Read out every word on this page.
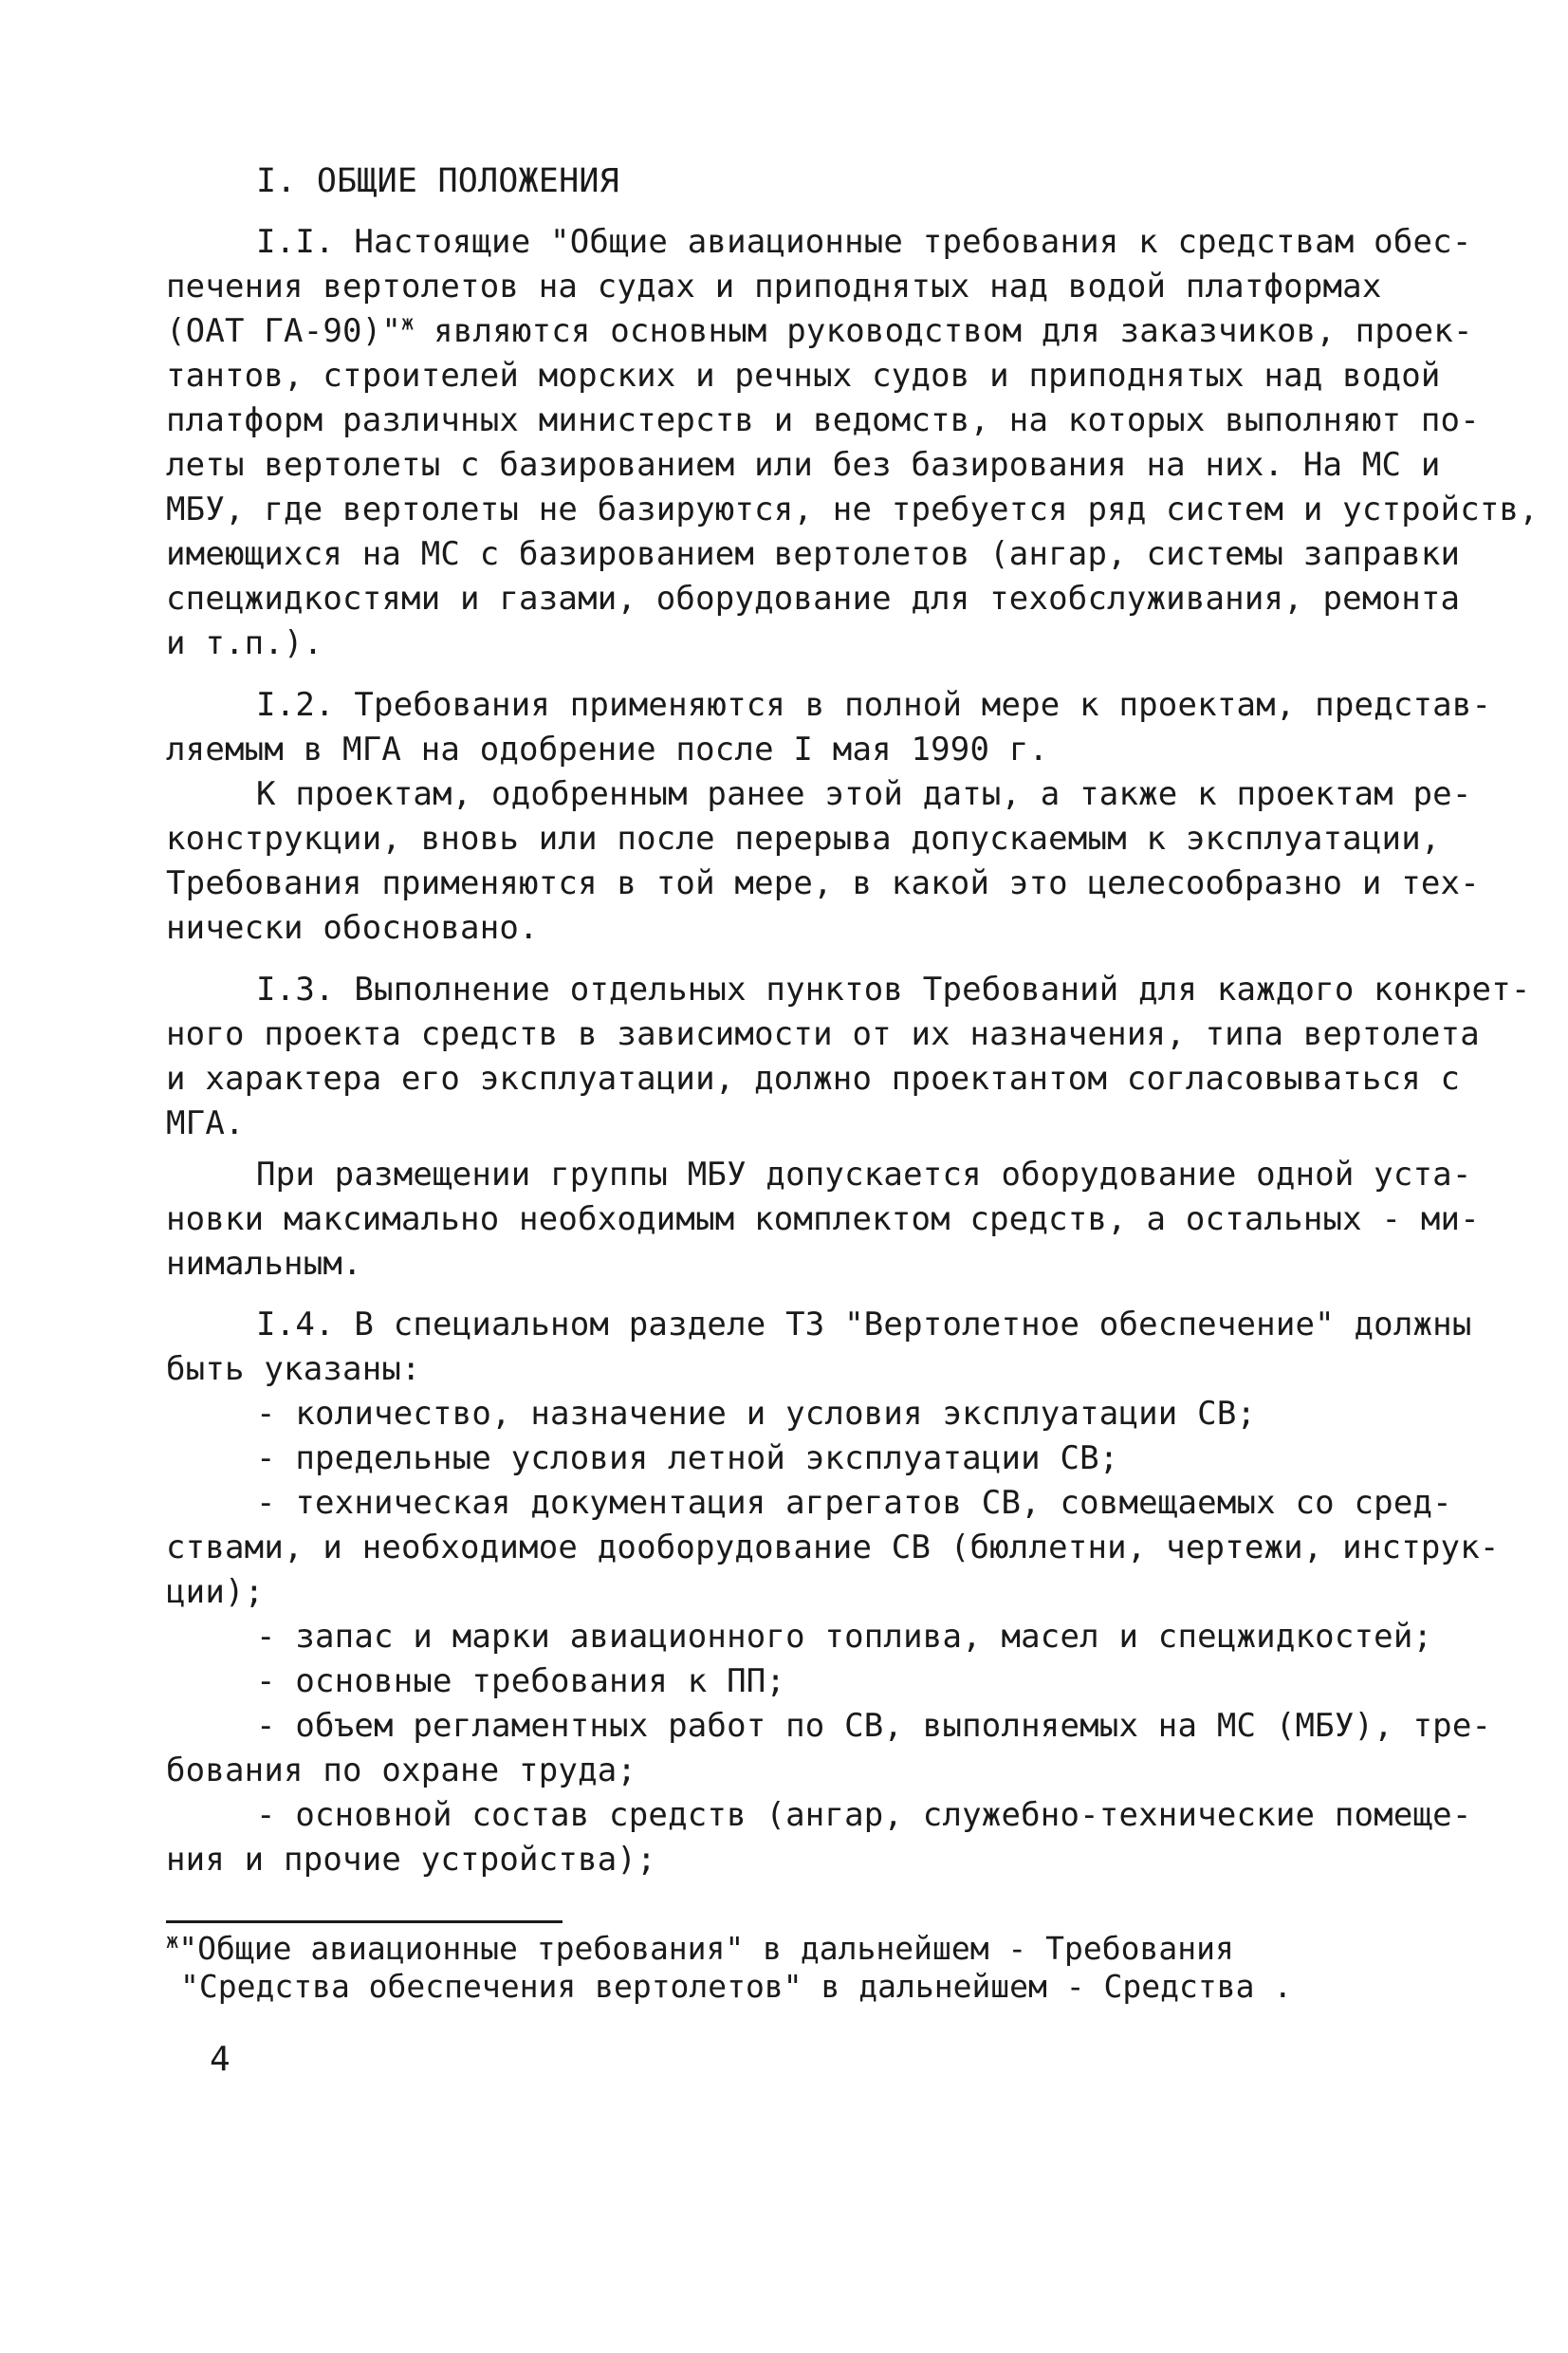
I. ОБЩИЕ ПОЛОЖЕНИЯ
I.I. Настоящие "Общие авиационные требования к средствам обес-
печения вертолетов на судах и приподнятых над водой платформах
(ОАТ ГА-90)"$^ж$ являются основным руководством для заказчиков, проек-
тантов, строителей морских и речных судов и приподнятых над водой
платформ различных министерств и ведомств, на которых выполняют по-
леты вертолеты с базированием или без базирования на них. На МС и
МБУ, где вертолеты не базируются, не требуется ряд систем и устройств,
имеющихся на МС с базированием вертолетов (ангар, системы заправки
спецжидкостями и газами, оборудование для техобслуживания, ремонта
и т.п.).
I.2. Требования применяются в полной мере к проектам, представ-
ляемым в МГА на одобрение после I мая 1990 г.
К проектам, одобренным ранее этой даты, а также к проектам ре-
конструкции, вновь или после перерыва допускаемым к эксплуатации,
Требования применяются в той мере, в какой это целесообразно и тех-
нически обосновано.
I.3. Выполнение отдельных пунктов Требований для каждого конкрет-
ного проекта средств в зависимости от их назначения, типа вертолета
и характера его эксплуатации, должно проектантом согласовываться с
МГА.
При размещении группы МБУ допускается оборудование одной уста-
новки максимально необходимым комплектом средств, а остальных - ми-
нимальным.
I.4. В специальном разделе ТЗ "Вертолетное обеспечение" должны
быть указаны:
- количество, назначение и условия эксплуатации СВ;
- предельные условия летной эксплуатации СВ;
- техническая документация агрегатов СВ, совмещаемых со сред-
ствами, и необходимое дооборудование СВ (бюллетни, чертежи, инструк-
ции);
- запас и марки авиационного топлива, масел и спецжидкостей;
- основные требования к ПП;
- объем регламентных работ по СВ, выполняемых на МС (МБУ), тре-
бования по охране труда;
- основной состав средств (ангар, служебно-технические помеще-
ния и прочие устройства);
$^ж$"Общие авиационные требования" в дальнейшем - Требования
"Средства обеспечения вертолетов" в дальнейшем - Средства .
4
